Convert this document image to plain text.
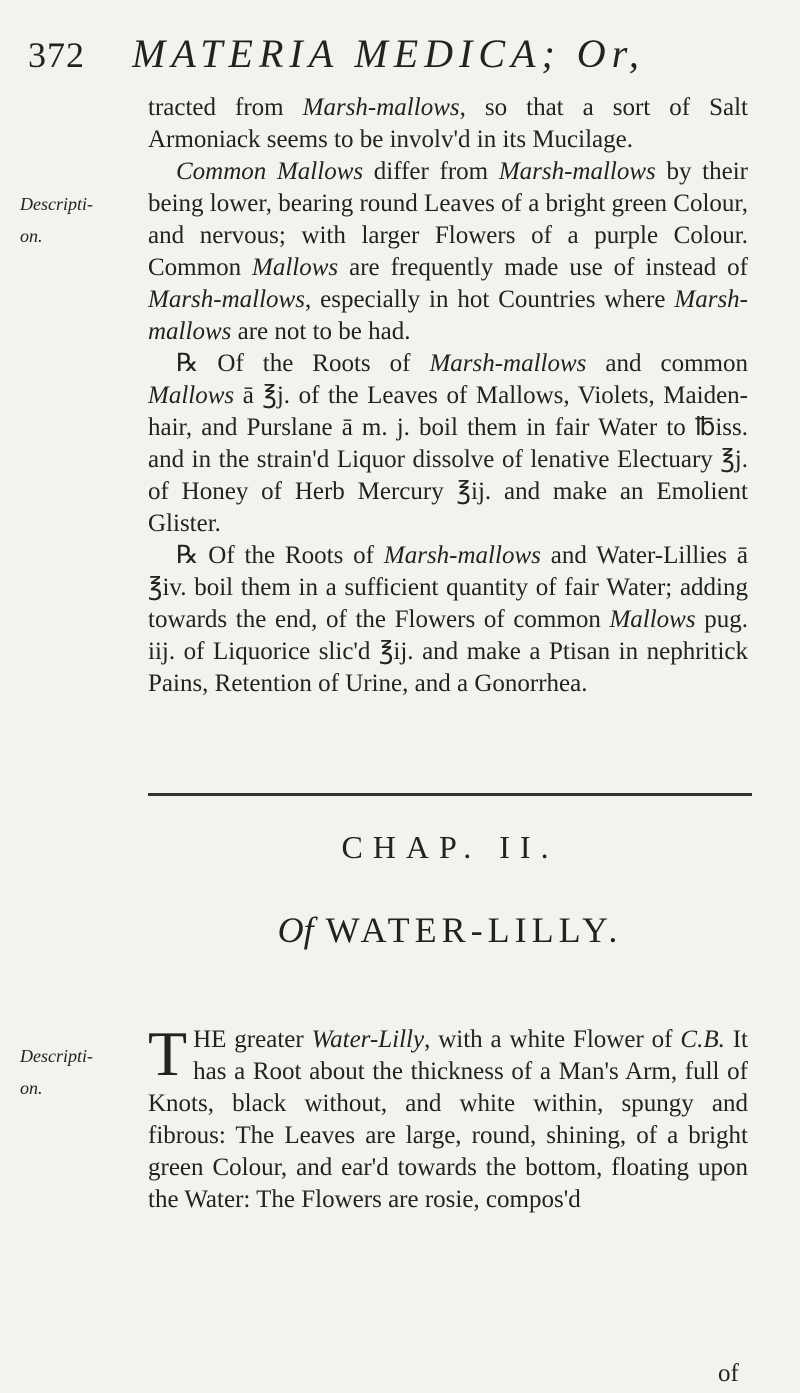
372 MATERIA MEDICA; Or,

tracted from Marsh-mallows, so that a sort of Salt Armoniack seems to be involv'd in its Mucilage.

Common Mallows differ from Marsh-mallows by their being lower, bearing round Leaves of a bright green Colour, and nervous; with larger Flowers of a purple Colour. Common Mallows are frequently made use of instead of Marsh-mallows, especially in hot Countries where Marsh-mallows are not to be had.

℞ Of the Roots of Marsh-mallows and common Mallows ā ℥j. of the Leaves of Mallows, Violets, Maiden-hair, and Purslane ā m. j. boil them in fair Water to ℔iss. and in the strain'd Liquor dissolve of lenative Electuary ℥j. of Honey of Herb Mercury ℥ij. and make an Emolient Glister.

℞ Of the Roots of Marsh-mallows and Water-Lillies ā ℥iv. boil them in a sufficient quantity of fair Water; adding towards the end, of the Flowers of common Mallows pug. iij. of Liquorice slic'd ℥ij. and make a Ptisan in nephritick Pains, Retention of Urine, and a Gonorrhea.

Descripti-on.
CHAP. II.
Of WATER-LILLY.
Descripti-on.	THE greater Water-Lilly, with a white Flower of C.B. It has a Root about the thickness of a Man's Arm, full of Knots, black without, and white within, spungy and fibrous: The Leaves are large, round, shining, of a bright green Colour, and ear'd towards the bottom, floating upon the Water: The Flowers are rosie, compos'd

of
